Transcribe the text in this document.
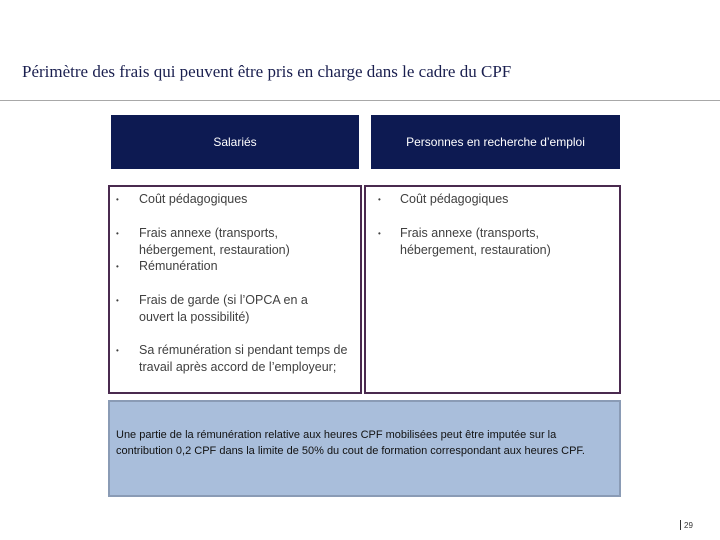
Périmètre des frais qui peuvent être pris en charge dans le cadre du CPF
Salariés	Personnes en recherche d’emploi
• Coût pédagogiques
• Frais annexe (transports, hébergement, restauration)
• Rémunération
• Frais de garde (si l’OPCA en a ouvert la possibilité)
• Sa rémunération si pendant temps de travail après accord de l’employeur;
• Coût pédagogiques
• Frais annexe (transports, hébergement, restauration)
Une partie de la rémunération relative aux heures CPF mobilisées peut être imputée sur la contribution 0,2 CPF dans la limite de 50% du cout de formation correspondant aux heures CPF.
29
